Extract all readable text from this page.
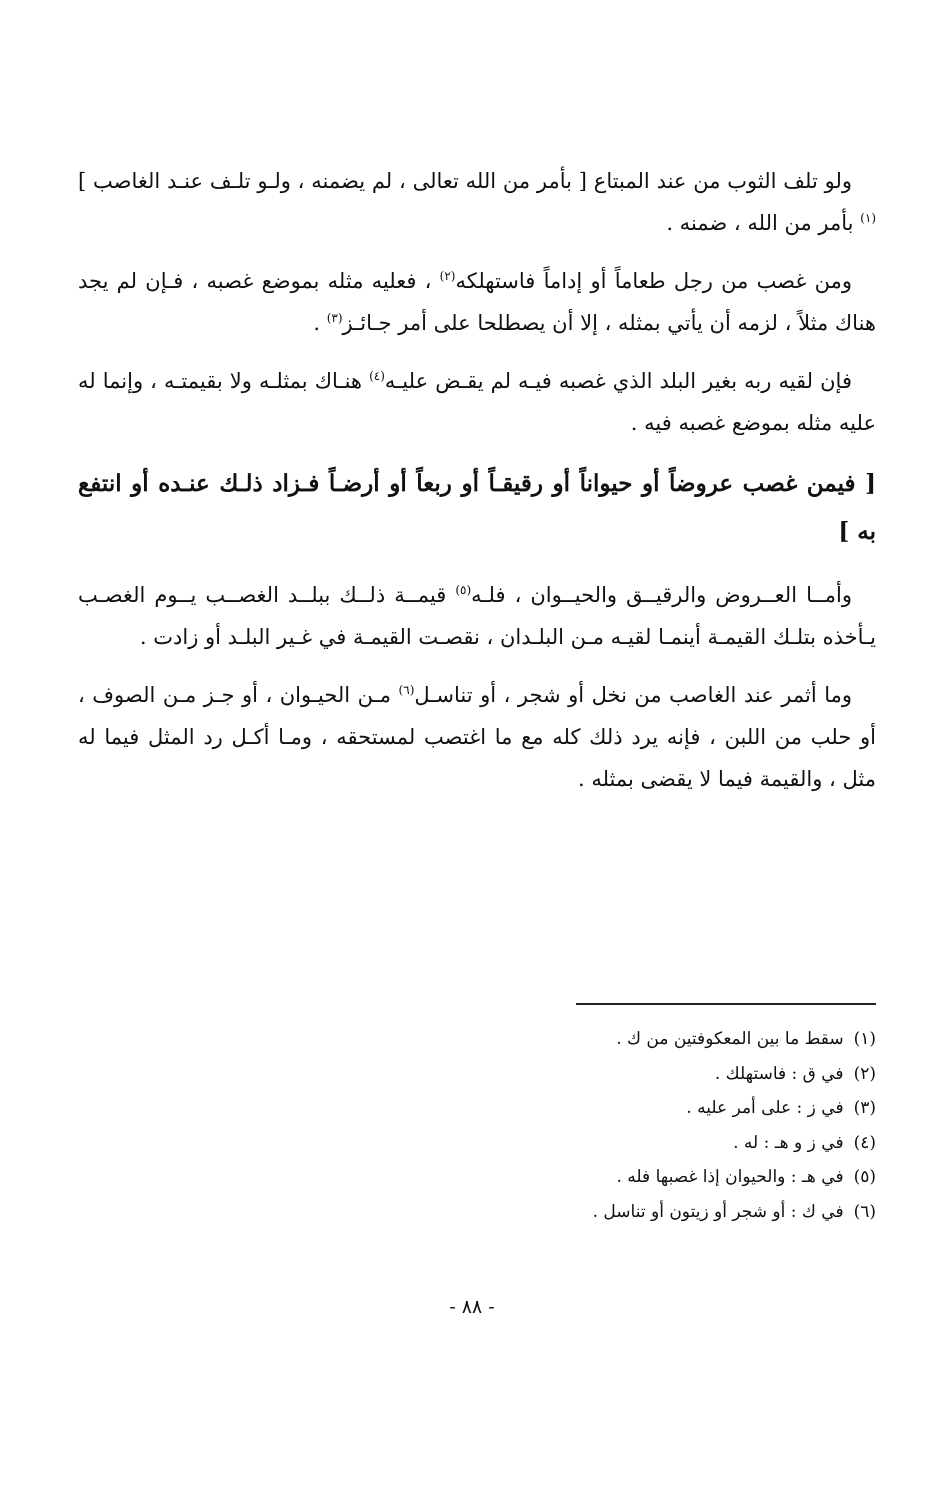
ولو تلف الثوب من عند المبتاع [ بأمر من الله تعالى ، لم يضمنه ، ولـو تلـف عنـد الغاصب ]$^{(١)}$ بأمر من الله ، ضمنه .

ومن غصب من رجل طعاماً أو إداماً فاستهلكه$^{(٢)}$ ، فعليه مثله بموضع غصبه ، فـإن لم يجد هناك مثلاً ، لزمه أن يأتي بمثله ، إلا أن يصطلحا على أمر جـائـز$^{(٣)}$ .

فإن لقيه ربه بغير البلد الذي غصبه فيـه لم يقـض عليـه$^{(٤)}$ هنـاك بمثلـه ولا بقيمتـه ، وإنما له عليه مثله بموضع غصبه فيه .

[ فيمن غصب عروضاً أو حيواناً أو رقيقـاً أو ربعاً أو أرضـاً فـزاد ذلـك عنـده أو انتفع به ]

وأمــا العــروض والرقيــق والحيــوان ، فلـه$^{(٥)}$ قيمــة ذلــك ببلــد الغصــب يــوم الغصـب يـأخذه بتلـك القيمـة أينمـا لقيـه مـن البلـدان ، نقصـت القيمـة في غـير البلـد أو زادت .

وما أثمر عند الغاصب من نخل أو شجر ، أو تناسـل$^{(٦)}$ مـن الحيـوان ، أو جـز مـن الصوف ، أو حلب من اللبن ، فإنه يرد ذلك كله مع ما اغتصب لمستحقه ، ومـا أكـل رد المثل فيما له مثل ، والقيمة فيما لا يقضى بمثله .

(١)سقط ما بين المعكوفتين من ك .
(٢)في ق : فاستهلك .
(٣)في ز : على أمر عليه .
(٤)في ز و هـ : له .
(٥)في هـ : والحيوان إذا غصبها فله .
(٦)في ك : أو شجر أو زيتون أو تناسل .
- ٨٨ -
